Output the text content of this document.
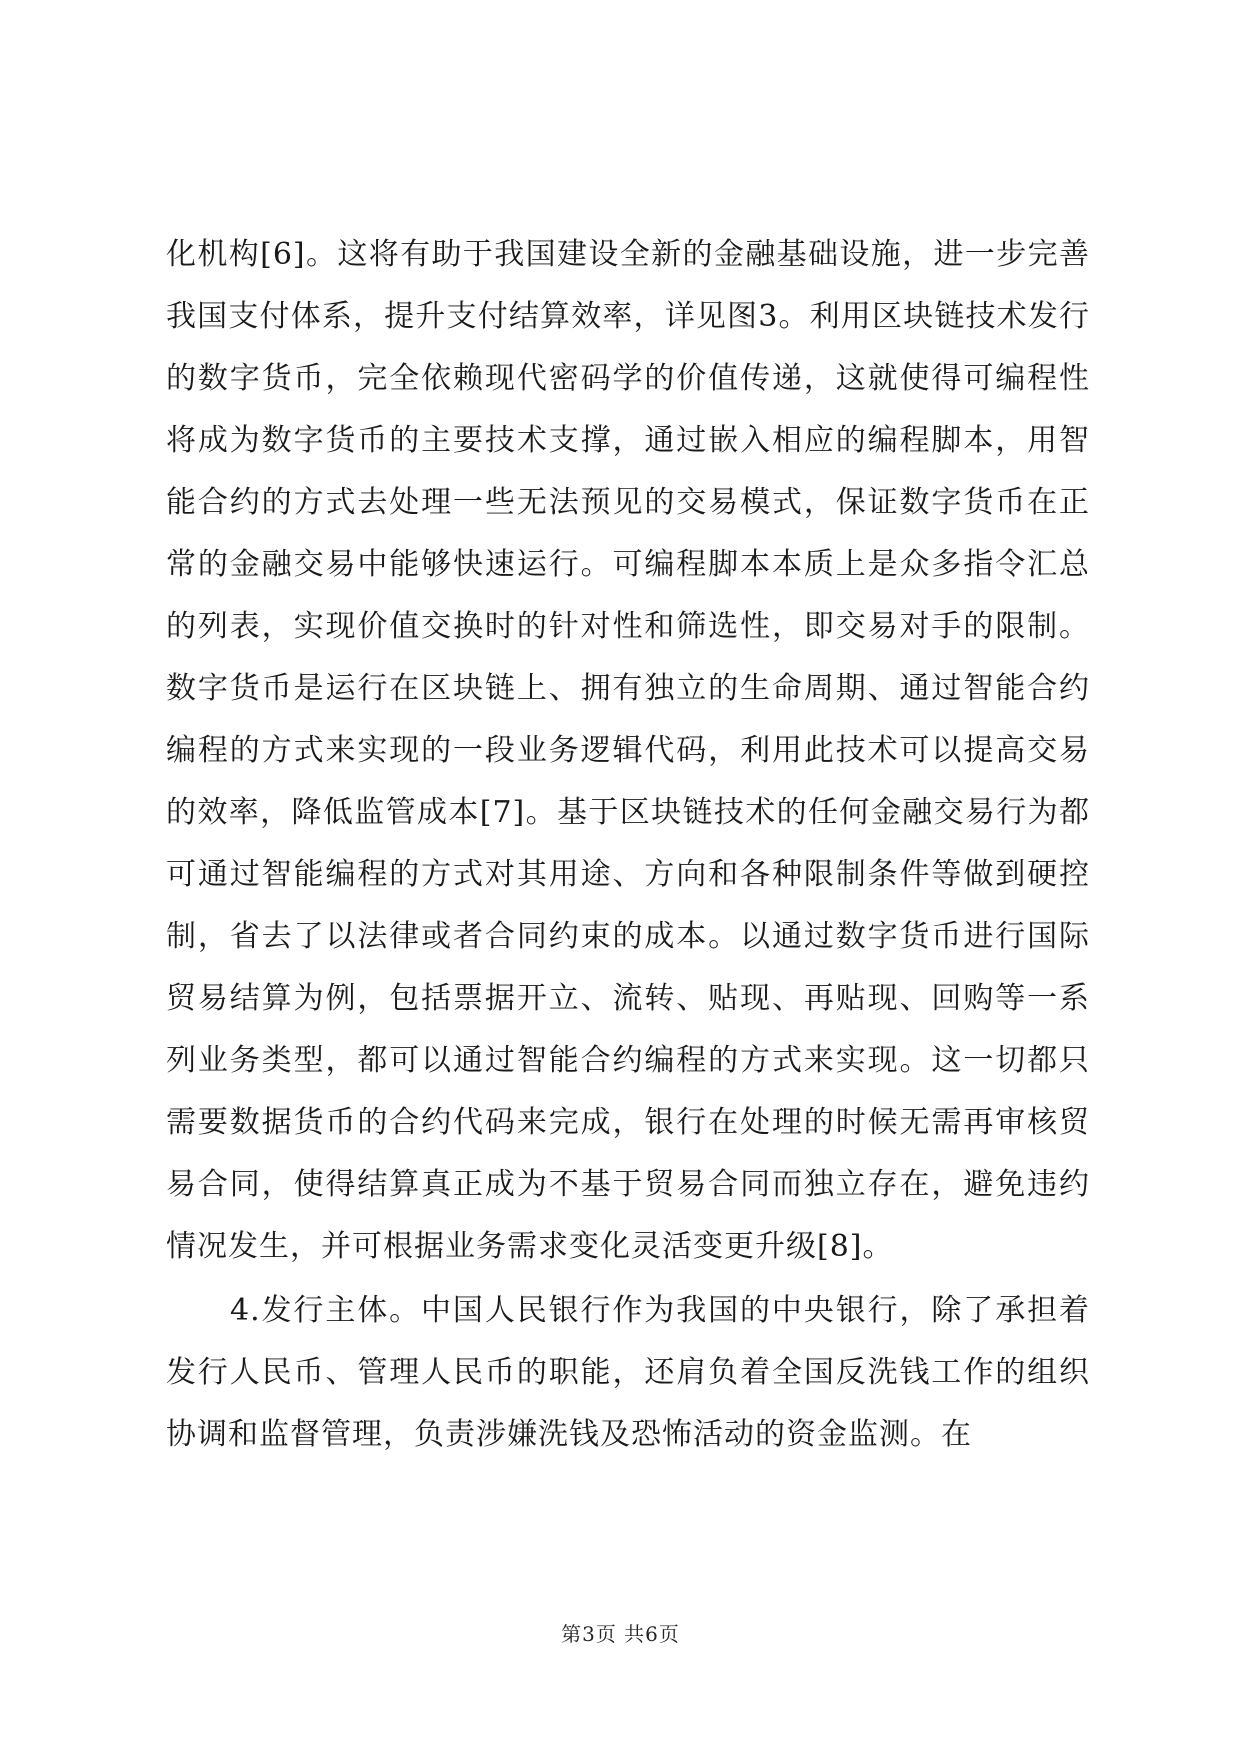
化机构[6]。这将有助于我国建设全新的金融基础设施，进一步完善我国支付体系，提升支付结算效率，详见图3。利用区块链技术发行的数字货币，完全依赖现代密码学的价值传递，这就使得可编程性将成为数字货币的主要技术支撑，通过嵌入相应的编程脚本，用智能合约的方式去处理一些无法预见的交易模式，保证数字货币在正常的金融交易中能够快速运行。可编程脚本本质上是众多指令汇总的列表，实现价值交换时的针对性和筛选性，即交易对手的限制。数字货币是运行在区块链上、拥有独立的生命周期、通过智能合约编程的方式来实现的一段业务逻辑代码，利用此技术可以提高交易的效率，降低监管成本[7]。基于区块链技术的任何金融交易行为都可通过智能编程的方式对其用途、方向和各种限制条件等做到硬控制，省去了以法律或者合同约束的成本。以通过数字货币进行国际贸易结算为例，包括票据开立、流转、贴现、再贴现、回购等一系列业务类型，都可以通过智能合约编程的方式来实现。这一切都只需要数据货币的合约代码来完成，银行在处理的时候无需再审核贸易合同，使得结算真正成为不基于贸易合同而独立存在，避免违约情况发生，并可根据业务需求变化灵活变更升级[8]。

4.发行主体。中国人民银行作为我国的中央银行，除了承担着发行人民币、管理人民币的职能，还肩负着全国反洗钱工作的组织协调和监督管理，负责涉嫌洗钱及恐怖活动的资金监测。在

第3页 共6页
